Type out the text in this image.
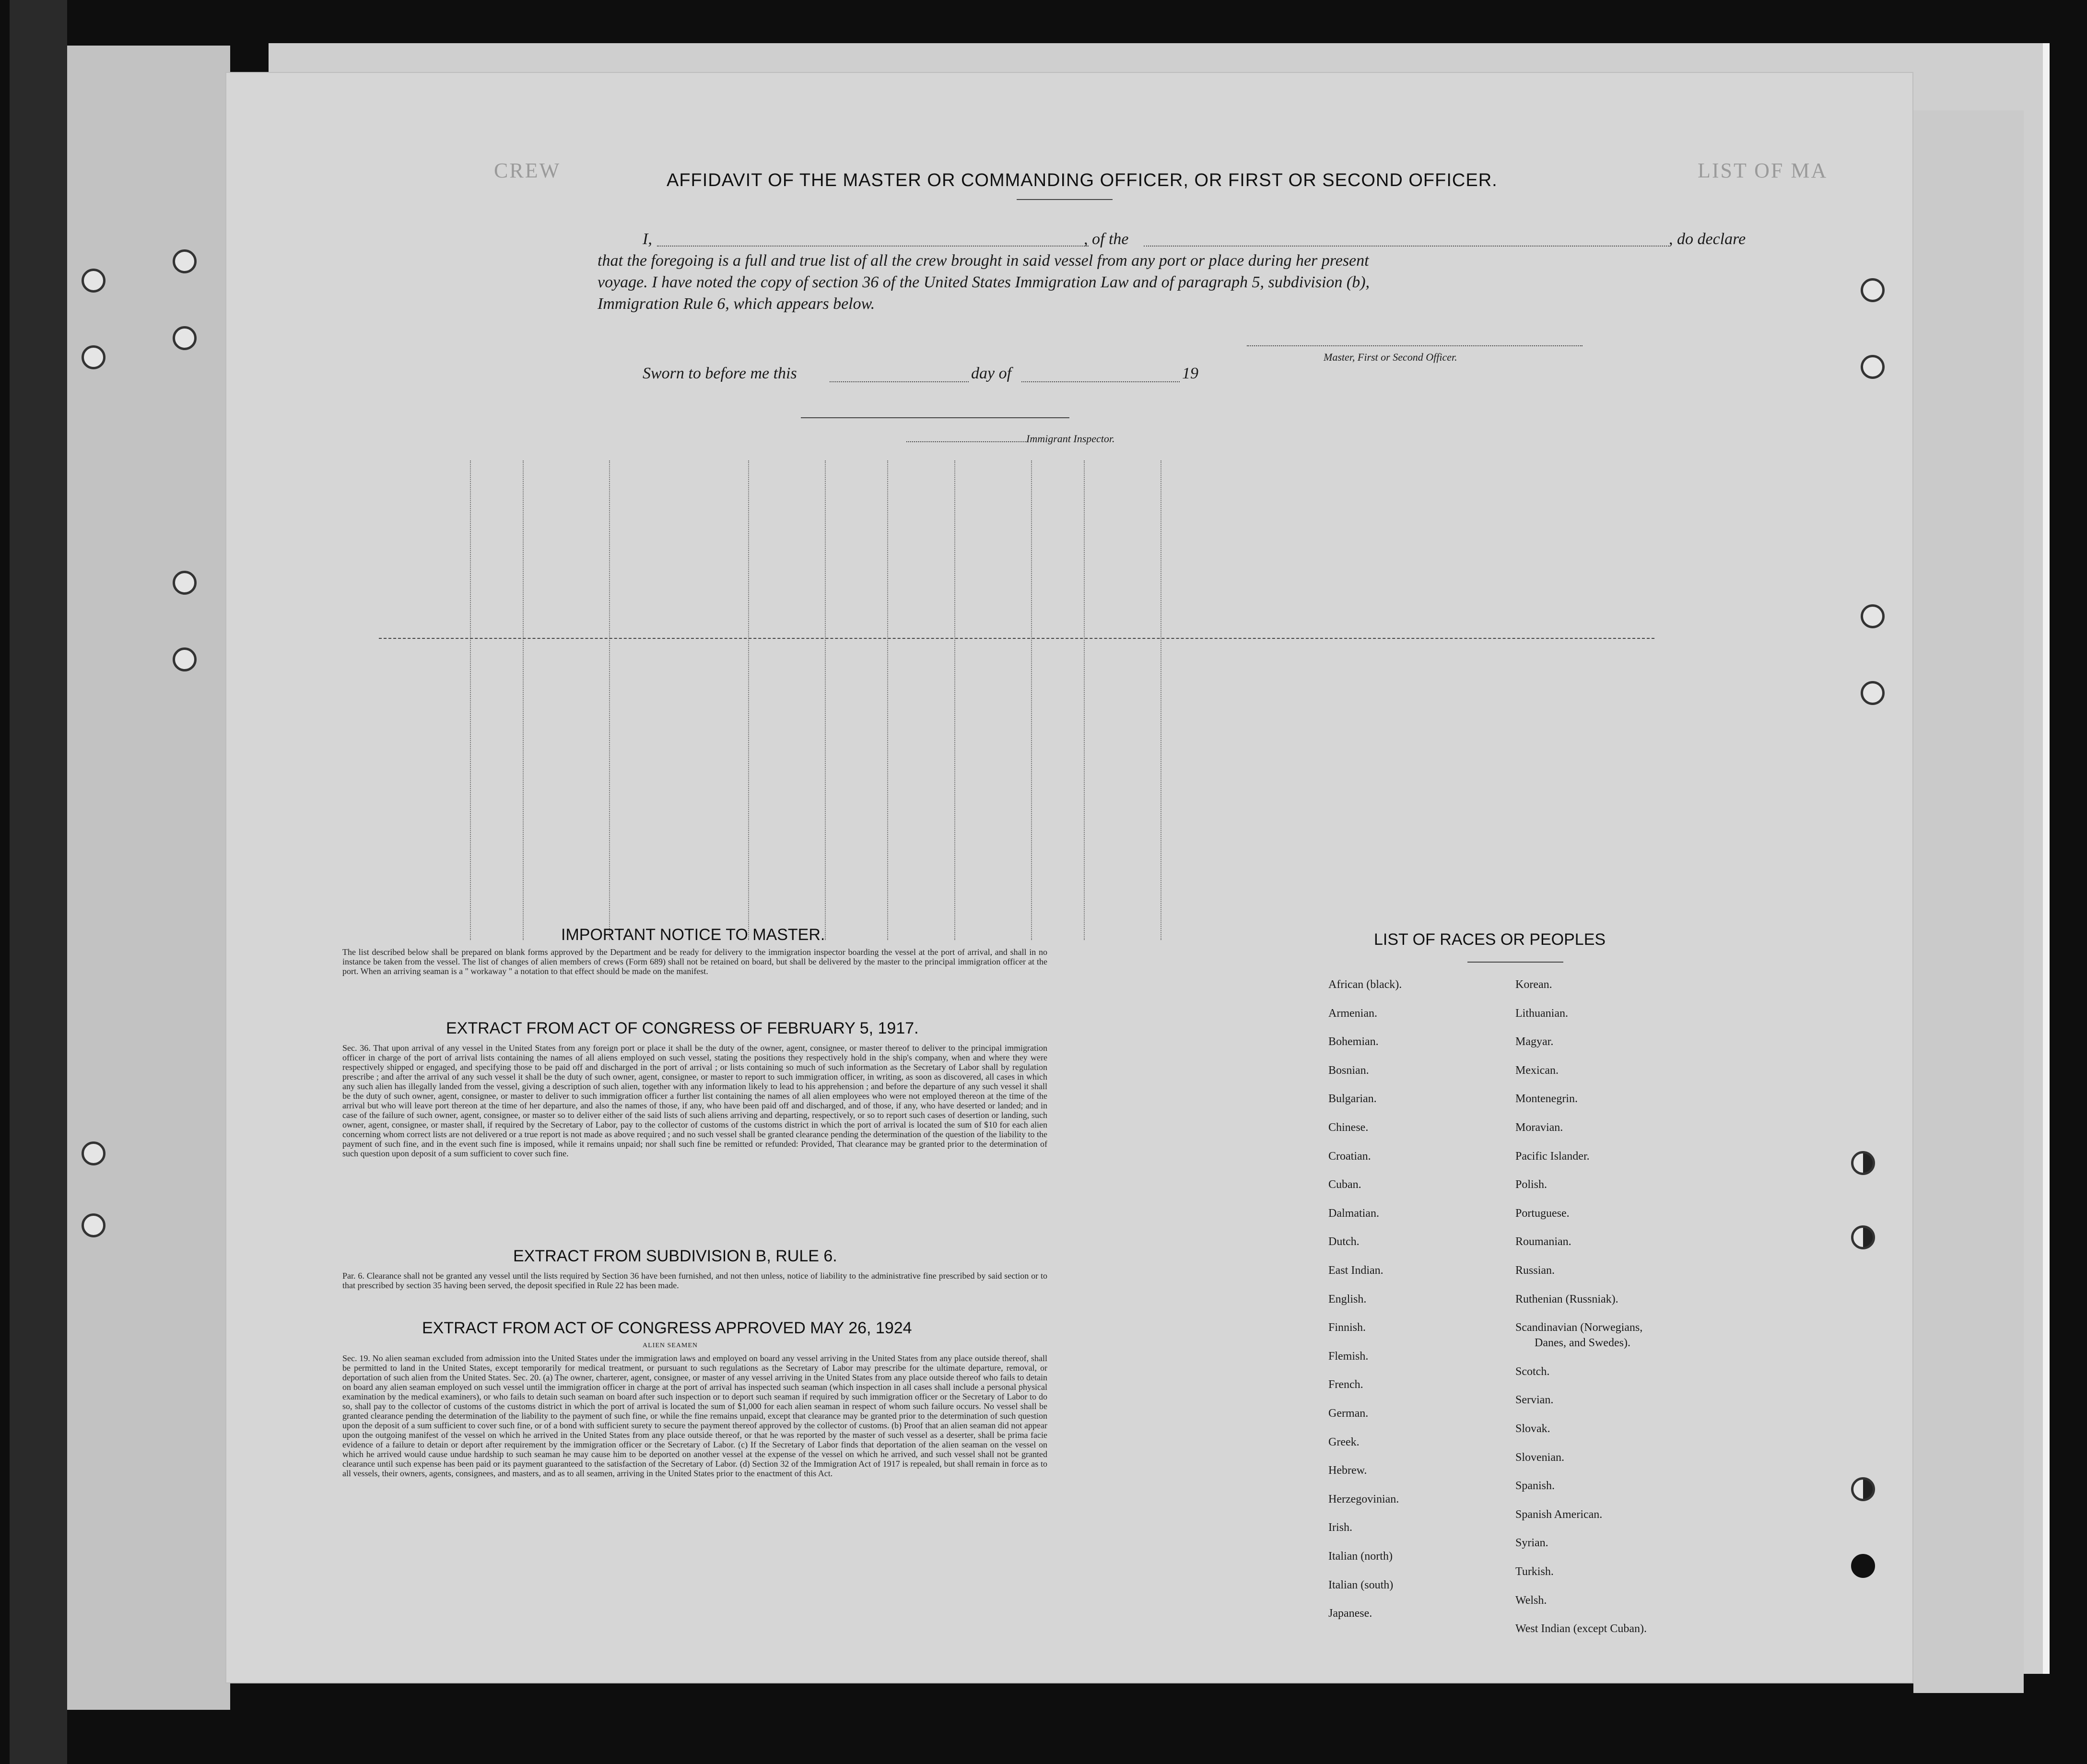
LIST OF MA
CREW	AFFIDAVIT OF THE MASTER OR COMMANDING OFFICER, OR FIRST OR SECOND OFFICER.
I,	, of the	, do declare
that the foregoing is a full and true list of all the crew brought in said vessel from any port or place during her present
voyage. I have noted the copy of section 36 of the United States Immigration Law and of paragraph 5, subdivision (b),
Immigration Rule 6, which appears below.
Master, First or Second Officer.
Sworn to before me this	day of	19
Immigrant Inspector.
IMPORTANT NOTICE TO MASTER.
The list described below shall be prepared on blank forms approved by the Department and be ready for delivery to the immigration inspector boarding the vessel at the port of arrival, and shall in no instance be taken from the vessel. The list of changes of alien members of crews (Form 689) shall not be retained on board, but shall be delivered by the master to the principal immigration officer at the port. When an arriving seaman is a " workaway " a notation to that effect should be made on the manifest.
EXTRACT FROM ACT OF CONGRESS OF FEBRUARY 5, 1917.
Sec. 36. That upon arrival of any vessel in the United States from any foreign port or place it shall be the duty of the owner, agent, consignee, or master thereof to deliver to the principal immigration officer in charge of the port of arrival lists containing the names of all aliens employed on such vessel, stating the positions they respectively hold in the ship's company, when and where they were respectively shipped or engaged, and specifying those to be paid off and discharged in the port of arrival ; or lists containing so much of such information as the Secretary of Labor shall by regulation prescribe ; and after the arrival of any such vessel it shall be the duty of such owner, agent, consignee, or master to report to such immigration officer, in writing, as soon as discovered, all cases in which any such alien has illegally landed from the vessel, giving a description of such alien, together with any information likely to lead to his apprehension ; and before the departure of any such vessel it shall be the duty of such owner, agent, consignee, or master to deliver to such immigration officer a further list containing the names of all alien employees who were not employed thereon at the time of the arrival but who will leave port thereon at the time of her departure, and also the names of those, if any, who have been paid off and discharged, and of those, if any, who have deserted or landed; and in case of the failure of such owner, agent, consignee, or master so to deliver either of the said lists of such aliens arriving and departing, respectively, or so to report such cases of desertion or landing, such owner, agent, consignee, or master shall, if required by the Secretary of Labor, pay to the collector of customs of the customs district in which the port of arrival is located the sum of $10 for each alien concerning whom correct lists are not delivered or a true report is not made as above required ; and no such vessel shall be granted clearance pending the determination of the question of the liability to the payment of such fine, and in the event such fine is imposed, while it remains unpaid; nor shall such fine be remitted or refunded: Provided, That clearance may be granted prior to the determination of such question upon deposit of a sum sufficient to cover such fine.
EXTRACT FROM SUBDIVISION B, RULE 6.
Par. 6. Clearance shall not be granted any vessel until the lists required by Section 36 have been furnished, and not then unless, notice of liability to the administrative fine prescribed by said section or to that prescribed by section 35 having been served, the deposit specified in Rule 22 has been made.
EXTRACT FROM ACT OF CONGRESS APPROVED MAY 26, 1924
ALIEN SEAMEN
Sec. 19. No alien seaman excluded from admission into the United States under the immigration laws and employed on board any vessel arriving in the United States from any place outside thereof, shall be permitted to land in the United States, except temporarily for medical treatment, or pursuant to such regulations as the Secretary of Labor may prescribe for the ultimate departure, removal, or deportation of such alien from the United States. Sec. 20. (a) The owner, charterer, agent, consignee, or master of any vessel arriving in the United States from any place outside thereof who fails to detain on board any alien seaman employed on such vessel until the immigration officer in charge at the port of arrival has inspected such seaman (which inspection in all cases shall include a personal physical examination by the medical examiners), or who fails to detain such seaman on board after such inspection or to deport such seaman if required by such immigration officer or the Secretary of Labor to do so, shall pay to the collector of customs of the customs district in which the port of arrival is located the sum of $1,000 for each alien seaman in respect of whom such failure occurs. No vessel shall be granted clearance pending the determination of the liability to the payment of such fine, or while the fine remains unpaid, except that clearance may be granted prior to the determination of such question upon the deposit of a sum sufficient to cover such fine, or of a bond with sufficient surety to secure the payment thereof approved by the collector of customs. (b) Proof that an alien seaman did not appear upon the outgoing manifest of the vessel on which he arrived in the United States from any place outside thereof, or that he was reported by the master of such vessel as a deserter, shall be prima facie evidence of a failure to detain or deport after requirement by the immigration officer or the Secretary of Labor. (c) If the Secretary of Labor finds that deportation of the alien seaman on the vessel on which he arrived would cause undue hardship to such seaman he may cause him to be deported on another vessel at the expense of the vessel on which he arrived, and such vessel shall not be granted clearance until such expense has been paid or its payment guaranteed to the satisfaction of the Secretary of Labor. (d) Section 32 of the Immigration Act of 1917 is repealed, but shall remain in force as to all vessels, their owners, agents, consignees, and masters, and as to all seamen, arriving in the United States prior to the enactment of this Act.
LIST OF RACES OR PEOPLES
African (black).
Armenian.
Bohemian.
Bosnian.
Bulgarian.
Chinese.
Croatian.
Cuban.
Dalmatian.
Dutch.
East Indian.
English.
Finnish.
Flemish.
French.
German.
Greek.
Hebrew.
Herzegovinian.
Irish.
Italian (north)
Italian (south)
Japanese.
Korean.
Lithuanian.
Magyar.
Mexican.
Montenegrin.
Moravian.
Pacific Islander.
Polish.
Portuguese.
Roumanian.
Russian.
Ruthenian (Russniak).
Scandinavian (Norwegians,
Danes, and Swedes).
Scotch.
Servian.
Slovak.
Slovenian.
Spanish.
Spanish American.
Syrian.
Turkish.
Welsh.
West Indian (except Cuban).
